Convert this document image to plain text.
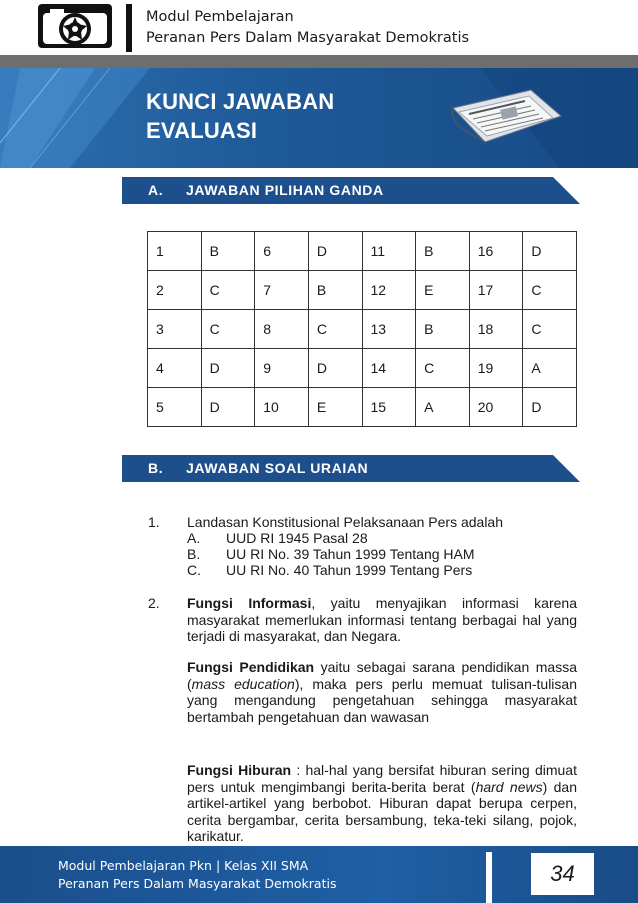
Modul Pembelajaran
Peranan Pers Dalam Masyarakat Demokratis
KUNCI JAWABAN
EVALUASI
A. JAWABAN PILIHAN GANDA
1	B	6	D	11	B	16	D
2	C	7	B	12	E	17	C
3	C	8	C	13	B	18	C
4	D	9	D	14	C	19	A
5	D	10	E	15	A	20	D
B. JAWABAN SOAL URAIAN
1. Landasan Konstitusional Pelaksanaan Pers adalah
A. UUD RI 1945 Pasal 28
B. UU RI No. 39 Tahun 1999 Tentang HAM
C. UU RI No. 40 Tahun 1999 Tentang Pers
2. Fungsi Informasi, yaitu menyajikan informasi karena masyarakat memerlukan informasi tentang berbagai hal yang terjadi di masyarakat, dan Negara.
Fungsi Pendidikan yaitu sebagai sarana pendidikan massa (mass education), maka pers perlu memuat tulisan-tulisan yang mengandung pengetahuan sehingga masyarakat bertambah pengetahuan dan wawasan
Fungsi Hiburan : hal-hal yang bersifat hiburan sering dimuat pers untuk mengimbangi berita-berita berat (hard news) dan artikel-artikel yang berbobot. Hiburan dapat berupa cerpen, cerita bergambar, cerita bersambung, teka-teki silang, pojok, karikatur.
Modul Pembelajaran Pkn | Kelas XII SMA
Peranan Pers Dalam Masyarakat Demokratis	34
